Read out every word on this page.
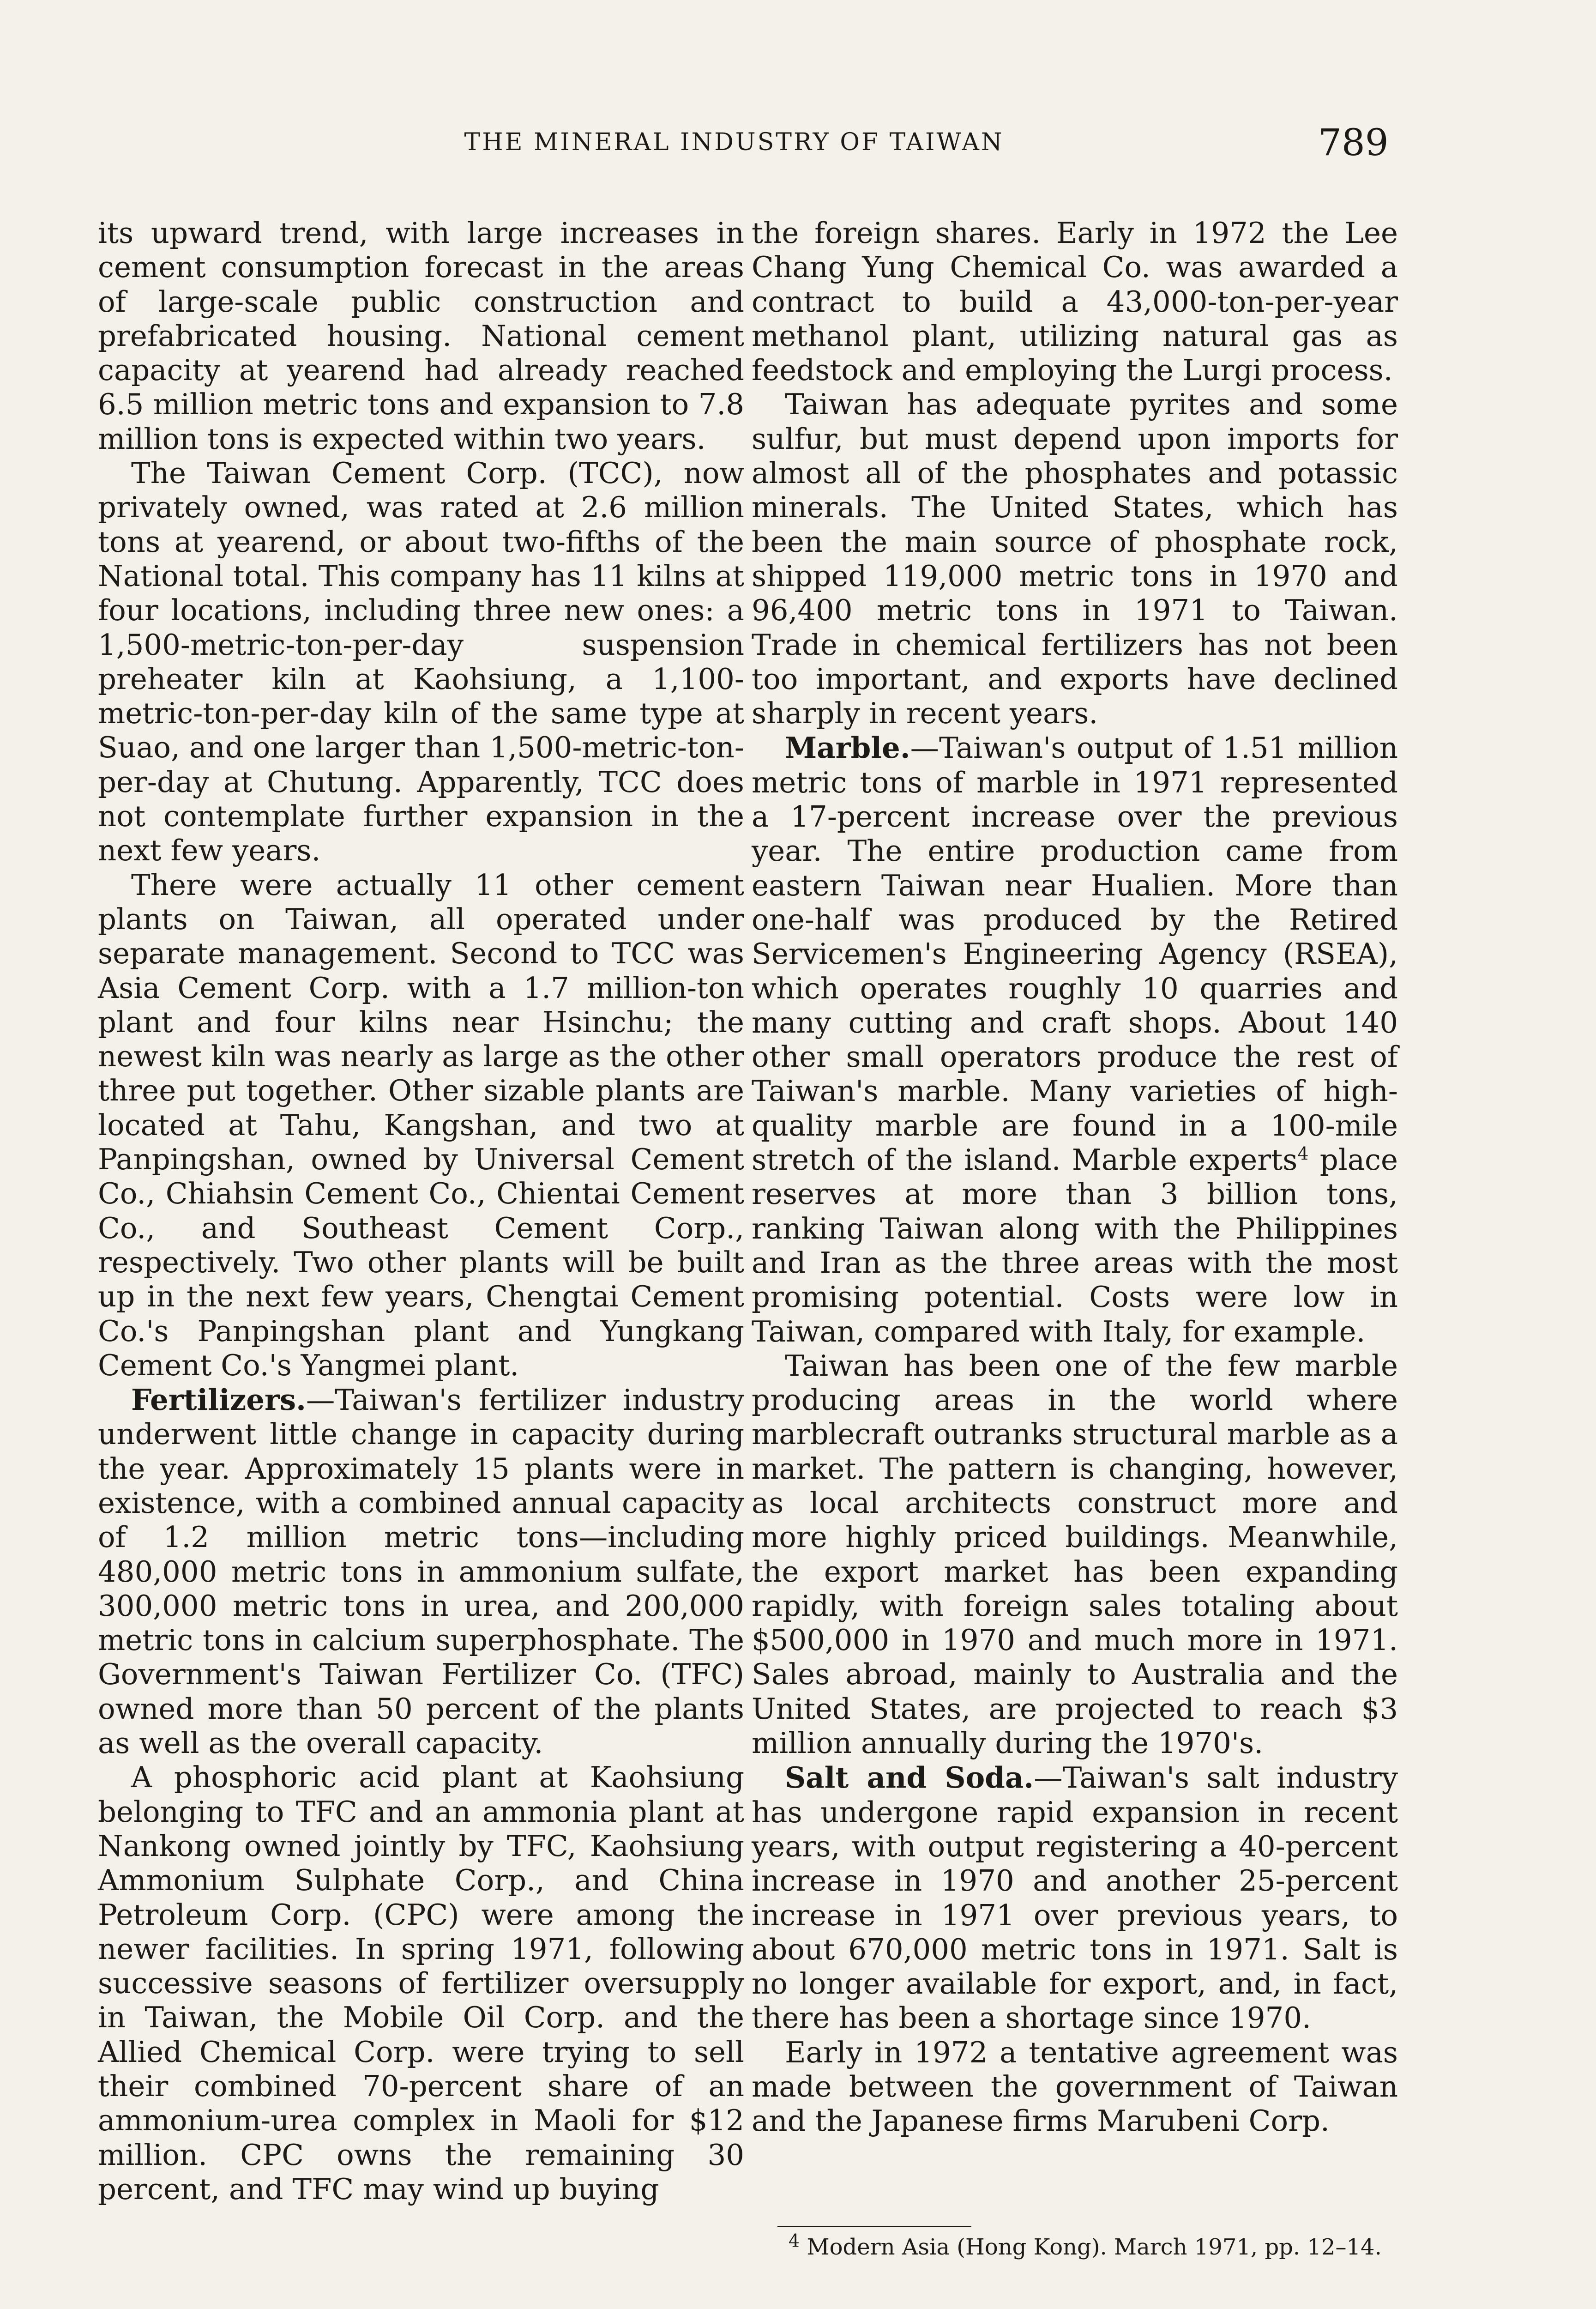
THE MINERAL INDUSTRY OF TAIWAN	789

its upward trend, with large increases in cement consumption forecast in the areas of large-scale public construction and prefabricated housing. National cement capacity at yearend had already reached 6.5 million metric tons and expansion to 7.8 million tons is expected within two years.

The Taiwan Cement Corp. (TCC), now privately owned, was rated at 2.6 million tons at yearend, or about two-fifths of the National total. This company has 11 kilns at four locations, including three new ones: a 1,500-metric-ton-per-day suspension preheater kiln at Kaohsiung, a 1,100-metric-ton-per-day kiln of the same type at Suao, and one larger than 1,500-metric-ton-per-day at Chutung. Apparently, TCC does not contemplate further expansion in the next few years.

There were actually 11 other cement plants on Taiwan, all operated under separate management. Second to TCC was Asia Cement Corp. with a 1.7 million-ton plant and four kilns near Hsinchu; the newest kiln was nearly as large as the other three put together. Other sizable plants are located at Tahu, Kangshan, and two at Panpingshan, owned by Universal Cement Co., Chiahsin Cement Co., Chientai Cement Co., and Southeast Cement Corp., respectively. Two other plants will be built up in the next few years, Chengtai Cement Co.'s Panpingshan plant and Yungkang Cement Co.'s Yangmei plant.

Fertilizers.—Taiwan's fertilizer industry underwent little change in capacity during the year. Approximately 15 plants were in existence, with a combined annual capacity of 1.2 million metric tons—including 480,000 metric tons in ammonium sulfate, 300,000 metric tons in urea, and 200,000 metric tons in calcium superphosphate. The Government's Taiwan Fertilizer Co. (TFC) owned more than 50 percent of the plants as well as the overall capacity.

A phosphoric acid plant at Kaohsiung belonging to TFC and an ammonia plant at Nankong owned jointly by TFC, Kaohsiung Ammonium Sulphate Corp., and China Petroleum Corp. (CPC) were among the newer facilities. In spring 1971, following successive seasons of fertilizer oversupply in Taiwan, the Mobile Oil Corp. and the Allied Chemical Corp. were trying to sell their combined 70-percent share of an ammonium-urea complex in Maoli for $12 million. CPC owns the remaining 30 percent, and TFC may wind up buying

the foreign shares. Early in 1972 the Lee Chang Yung Chemical Co. was awarded a contract to build a 43,000-ton-per-year methanol plant, utilizing natural gas as feedstock and employing the Lurgi process.

Taiwan has adequate pyrites and some sulfur, but must depend upon imports for almost all of the phosphates and potassic minerals. The United States, which has been the main source of phosphate rock, shipped 119,000 metric tons in 1970 and 96,400 metric tons in 1971 to Taiwan. Trade in chemical fertilizers has not been too important, and exports have declined sharply in recent years.

Marble.—Taiwan's output of 1.51 million metric tons of marble in 1971 represented a 17-percent increase over the previous year. The entire production came from eastern Taiwan near Hualien. More than one-half was produced by the Retired Servicemen's Engineering Agency (RSEA), which operates roughly 10 quarries and many cutting and craft shops. About 140 other small operators produce the rest of Taiwan's marble. Many varieties of high-quality marble are found in a 100-mile stretch of the island. Marble experts$^4$ place reserves at more than 3 billion tons, ranking Taiwan along with the Philippines and Iran as the three areas with the most promising potential. Costs were low in Taiwan, compared with Italy, for example.

Taiwan has been one of the few marble producing areas in the world where marblecraft outranks structural marble as a market. The pattern is changing, however, as local architects construct more and more highly priced buildings. Meanwhile, the export market has been expanding rapidly, with foreign sales totaling about $500,000 in 1970 and much more in 1971. Sales abroad, mainly to Australia and the United States, are projected to reach $3 million annually during the 1970's.

Salt and Soda.—Taiwan's salt industry has undergone rapid expansion in recent years, with output registering a 40-percent increase in 1970 and another 25-percent increase in 1971 over previous years, to about 670,000 metric tons in 1971. Salt is no longer available for export, and, in fact, there has been a shortage since 1970.

Early in 1972 a tentative agreement was made between the government of Taiwan and the Japanese firms Marubeni Corp.

$^4$ Modern Asia (Hong Kong). March 1971, pp. 12–14.
